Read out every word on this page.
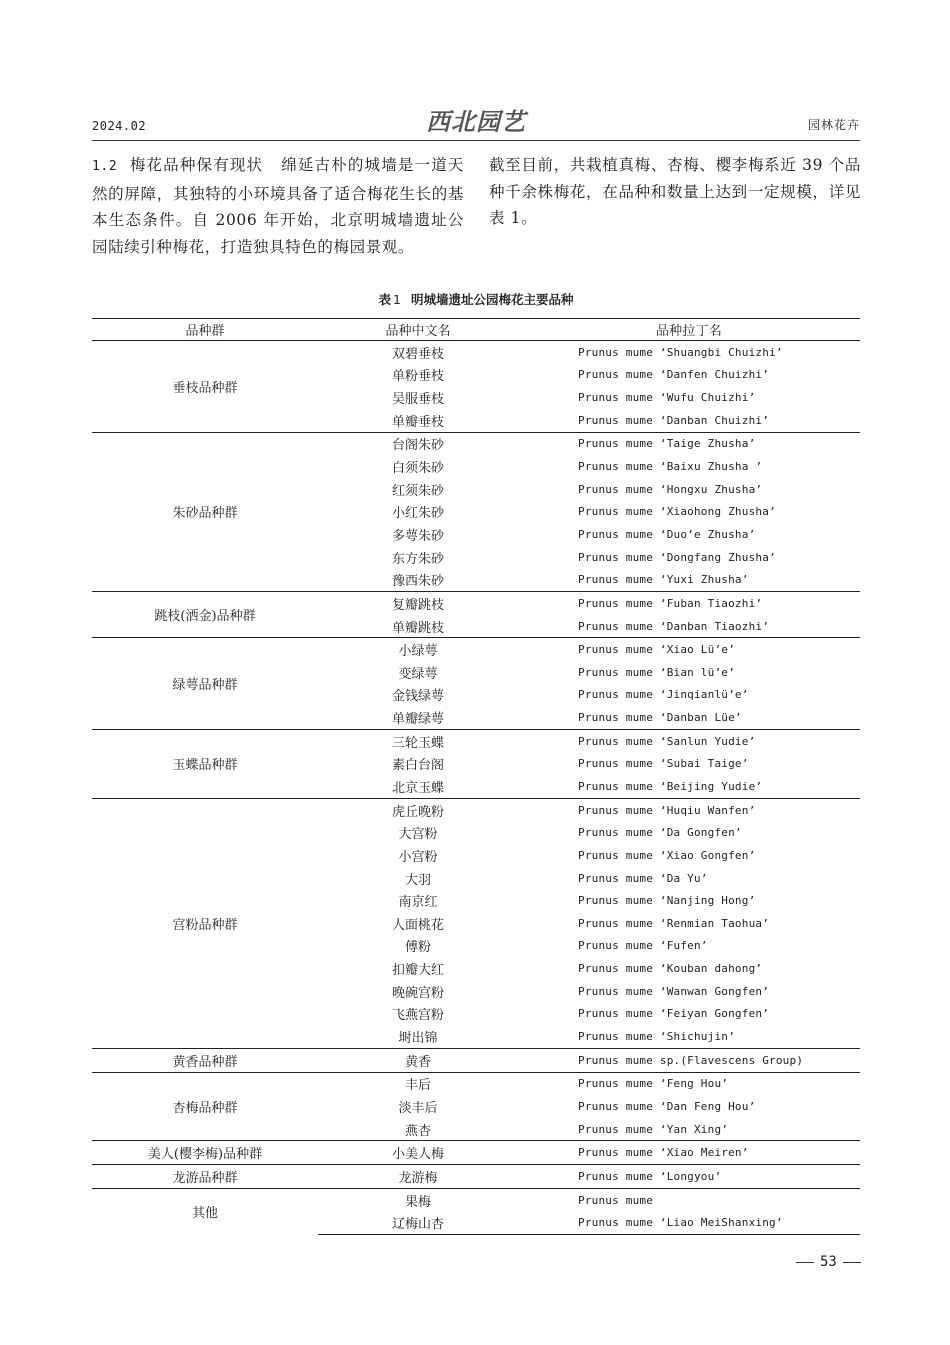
2024.02	西北园艺	园林花卉
1.2 梅花品种保有现状 绵延古朴的城墙是一道天然的屏障，其独特的小环境具备了适合梅花生长的基本生态条件。自 2006 年开始，北京明城墙遗址公园陆续引种梅花，打造独具特色的梅园景观。
截至目前，共栽植真梅、杏梅、樱李梅系近 39 个品种千余株梅花，在品种和数量上达到一定规模，详见表 1。
表 1 明城墙遗址公园梅花主要品种
品种群	品种中文名	品种拉丁名
垂枝品种群	双碧垂枝	Prunus mume ‘Shuangbi Chuizhi’
	单粉垂枝	Prunus mume ‘Danfen Chuizhi’
	吴服垂枝	Prunus mume ‘Wufu Chuizhi’
	单瓣垂枝	Prunus mume ‘Danban Chuizhi’
朱砂品种群	台阁朱砂	Prunus mume ‘Taige Zhusha’
	白须朱砂	Prunus mume ‘Baixu Zhusha ’
	红须朱砂	Prunus mume ‘Hongxu Zhusha’
	小红朱砂	Prunus mume ‘Xiaohong Zhusha’
	多萼朱砂	Prunus mume ‘Duo’e Zhusha’
	东方朱砂	Prunus mume ‘Dongfang Zhusha’
	豫西朱砂	Prunus mume ‘Yuxi Zhusha’
跳枝(洒金)品种群	复瓣跳枝	Prunus mume ‘Fuban Tiaozhi’
	单瓣跳枝	Prunus mume ‘Danban Tiaozhi’
绿萼品种群	小绿萼	Prunus mume ‘Xiao Lü’e’
	变绿萼	Prunus mume ‘Bian lü’e’
	金钱绿萼	Prunus mume ‘Jinqianlü’e’
	单瓣绿萼	Prunus mume ‘Danban Lüe’
玉蝶品种群	三轮玉蝶	Prunus mume ‘Sanlun Yudie’
	素白台阁	Prunus mume ‘Subai Taige’
	北京玉蝶	Prunus mume ‘Beijing Yudie’
宫粉品种群	虎丘晚粉	Prunus mume ‘Huqiu Wanfen’
	大宫粉	Prunus mume ‘Da Gongfen’
	小宫粉	Prunus mume ‘Xiao Gongfen’
	大羽	Prunus mume ‘Da Yu’
	南京红	Prunus mume ‘Nanjing Hong’
	人面桃花	Prunus mume ‘Renmian Taohua’
	傅粉	Prunus mume ‘Fufen’
	扣瓣大红	Prunus mume ‘Kouban dahong’
	晚碗宫粉	Prunus mume ‘Wanwan Gongfen’
	飞燕宫粉	Prunus mume ‘Feiyan Gongfen’
	埘出锦	Prunus mume ‘Shichujin’
黄香品种群	黄香	Prunus mume sp.(Flavescens Group)
杏梅品种群	丰后	Prunus mume ‘Feng Hou’
	淡丰后	Prunus mume ‘Dan Feng Hou’
	燕杏	Prunus mume ‘Yan Xing’
美人(樱李梅)品种群	小美人梅	Prunus mume ‘Xiao Meiren’
龙游品种群	龙游梅	Prunus mume ‘Longyou’
其他	果梅	Prunus mume
	辽梅山杏	Prunus mume ‘Liao MeiShanxing’
53
